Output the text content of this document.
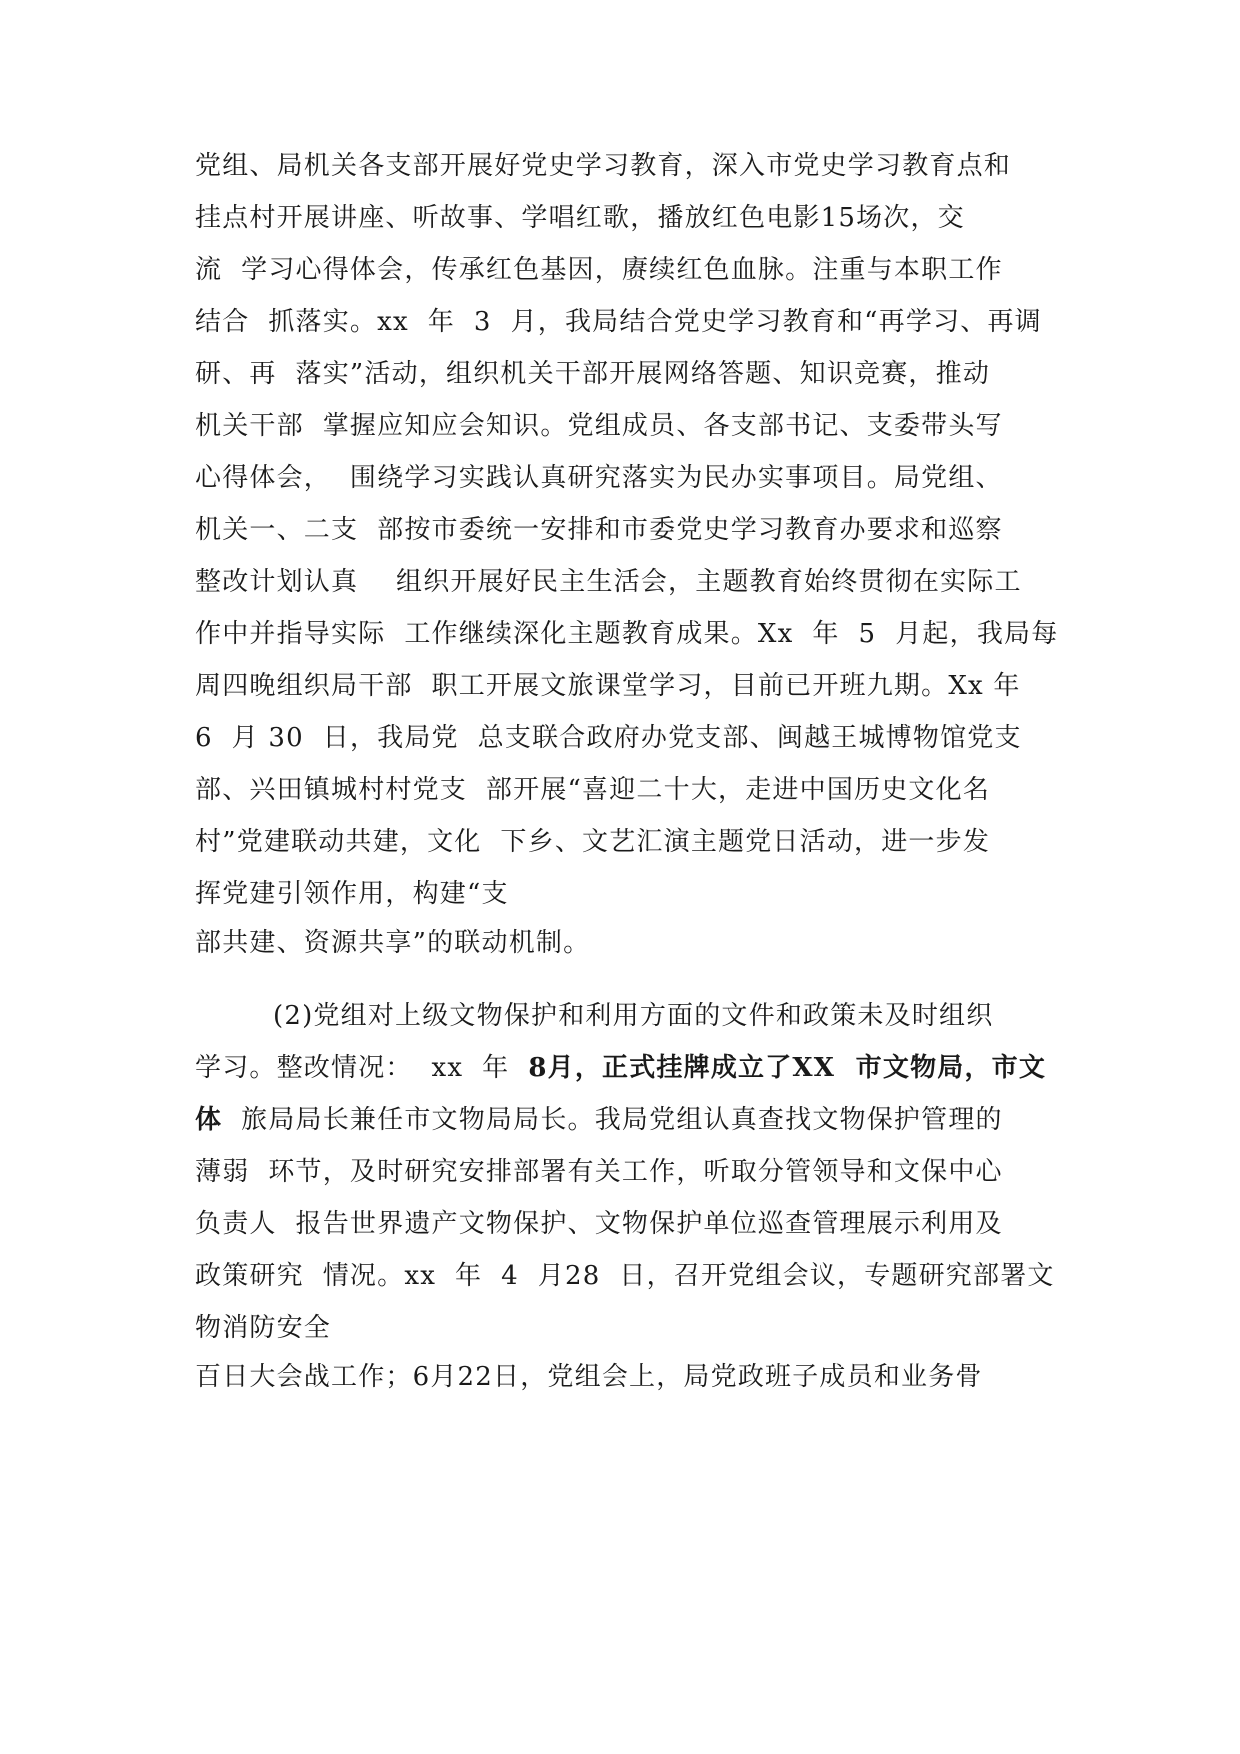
党组、局机关各支部开展好党史学习教育，深入市党史学习教育点和
挂点村开展讲座、听故事、学唱红歌，播放红色电影15场次，交
流  学习心得体会，传承红色基因，赓续红色血脉。注重与本职工作
结合  抓落实。xx  年  3  月，我局结合党史学习教育和“再学习、再调
研、再  落实”活动，组织机关干部开展网络答题、知识竞赛，推动
机关干部  掌握应知应会知识。党组成员、各支部书记、支委带头写
心得体会，  围绕学习实践认真研究落实为民办实事项目。局党组、
机关一、二支  部按市委统一安排和市委党史学习教育办要求和巡察
整改计划认真    组织开展好民主生活会，主题教育始终贯彻在实际工
作中并指导实际  工作继续深化主题教育成果。Xx  年  5  月起，我局每
周四晚组织局干部  职工开展文旅课堂学习，目前已开班九期。Xx 年
6  月 30  日，我局党  总支联合政府办党支部、闽越王城博物馆党支
部、兴田镇城村村党支  部开展“喜迎二十大，走进中国历史文化名
村”党建联动共建，文化  下乡、文艺汇演主题党日活动，进一步发
挥党建引领作用，构建“支
部共建、资源共享”的联动机制。
(2)党组对上级文物保护和利用方面的文件和政策未及时组织
学习。整改情况：  xx  年  8月，正式挂牌成立了XX  市文物局，市文
体  旅局局长兼任市文物局局长。我局党组认真查找文物保护管理的
薄弱  环节，及时研究安排部署有关工作，听取分管领导和文保中心
负责人  报告世界遗产文物保护、文物保护单位巡查管理展示利用及
政策研究  情况。xx  年  4  月28  日，召开党组会议，专题研究部署文
物消防安全
百日大会战工作；6月22日，党组会上，局党政班子成员和业务骨
